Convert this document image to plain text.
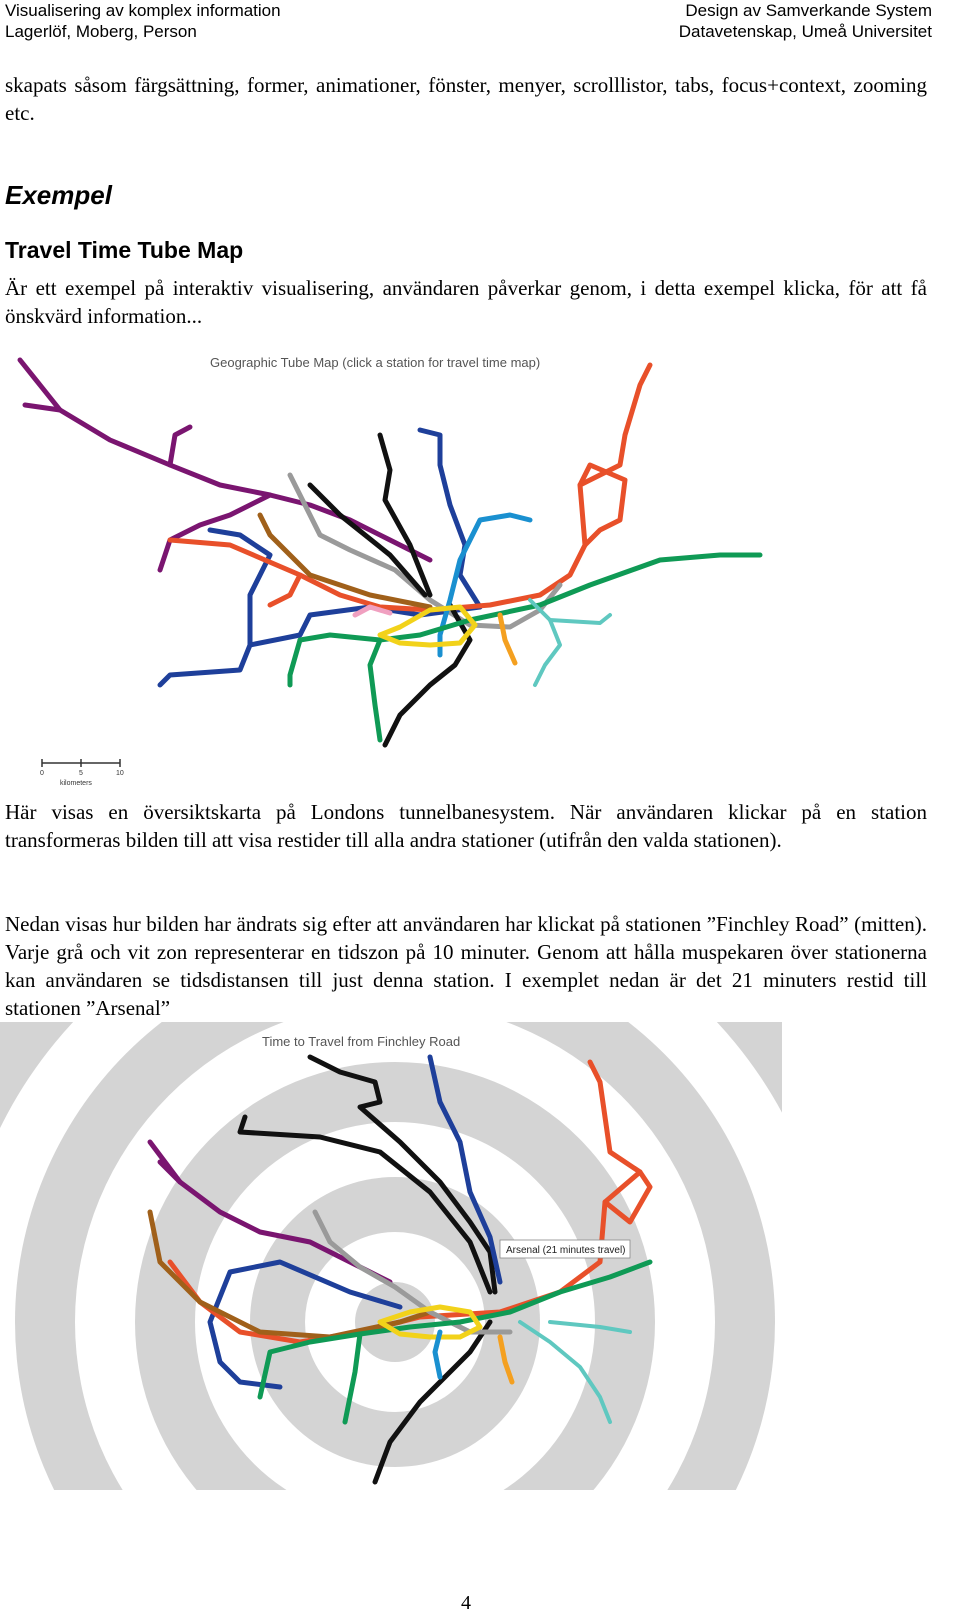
Visualisering av komplex information
Lagerlöf, Moberg, Person
Design av Samverkande System
Datavetenskap, Umeå Universitet

skapats såsom färgsättning, former, animationer, fönster, menyer, scrolllistor, tabs, focus+context, zooming etc.

Exempel
Travel Time Tube Map

Är ett exempel på interaktiv visualisering, användaren påverkar genom, i detta exempel klicka, för att få önskvärd information...

Geographic Tube Map (click a station for travel time map)
0	5	10
kilometers

Här visas en översiktskarta på Londons tunnelbanesystem. När användaren klickar på en station transformeras bilden till att visa restider till alla andra stationer (utifrån den valda stationen).

Nedan visas hur bilden har ändrats sig efter att användaren har klickat på stationen ”Finchley Road” (mitten). Varje grå och vit zon representerar en tidszon på 10 minuter. Genom att hålla muspekaren över stationerna kan användaren se tidsdistansen till just denna station. I exemplet nedan är det 21 minuters restid till stationen ”Arsenal”

Time to Travel from Finchley Road
Arsenal (21 minutes travel)
4
